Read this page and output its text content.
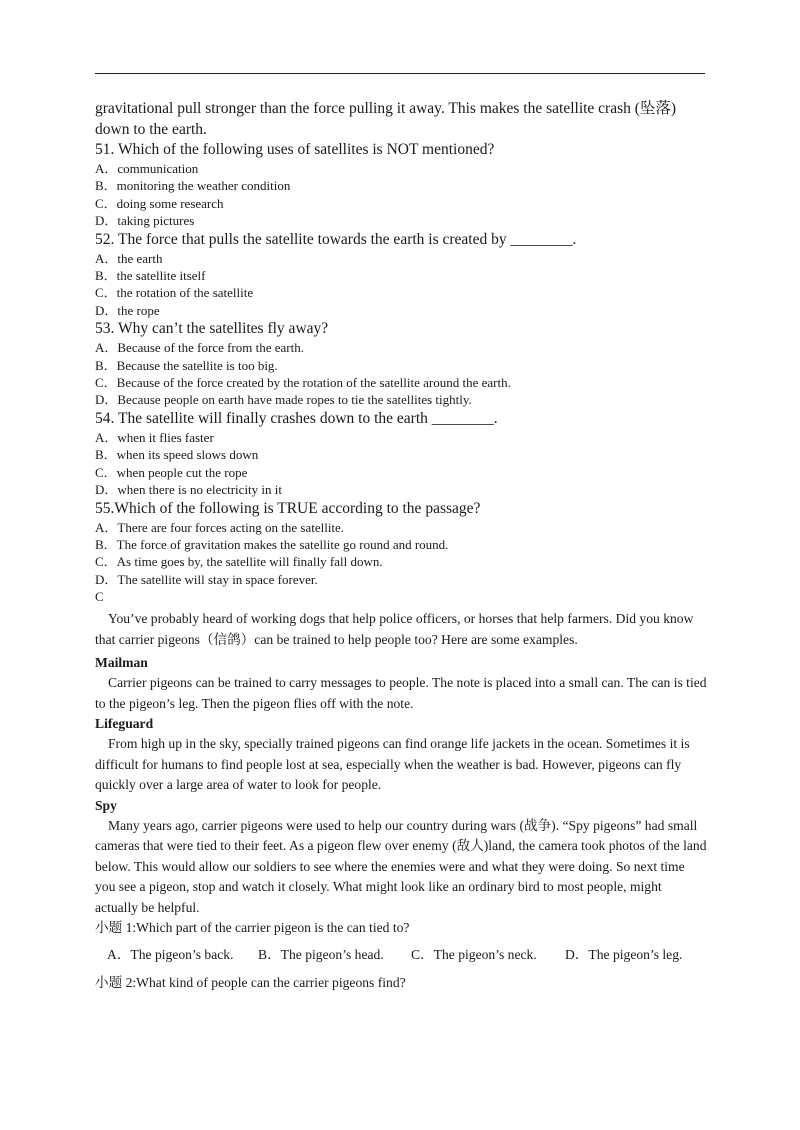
gravitational pull stronger than the force pulling it away. This makes the satellite crash (坠落) down to the earth.

51. Which of the following uses of satellites is NOT mentioned?

A．communication

B．monitoring the weather condition

C．doing some research

D．taking pictures

52. The force that pulls the satellite towards the earth is created by ________.

A．the earth

B．the satellite itself

C．the rotation of the satellite

D．the rope

53. Why can’t the satellites fly away?

A．Because of the force from the earth.

B．Because the satellite is too big.

C．Because of the force created by the rotation of the satellite around the earth.

D．Because people on earth have made ropes to tie the satellites tightly.

54. The satellite will finally crashes down to the earth ________.

A．when it flies faster

B．when its speed slows down

C．when people cut the rope

D．when there is no electricity in it

55.Which of the following is TRUE according to the passage?

A．There are four forces acting on the satellite.

B．The force of gravitation makes the satellite go round and round.

C．As time goes by, the satellite will finally fall down.

D．The satellite will stay in space forever.

C

You’ve probably heard of working dogs that help police officers, or horses that help farmers. Did you know that carrier pigeons（信鸽）can be trained to help people too? Here are some examples.

Mailman

Carrier pigeons can be trained to carry messages to people. The note is placed into a small can. The can is tied to the pigeon’s leg. Then the pigeon flies off with the note.

Lifeguard

From high up in the sky, specially trained pigeons can find orange life jackets in the ocean. Sometimes it is difficult for humans to find people lost at sea, especially when the weather is bad. However, pigeons can fly quickly over a large area of water to look for people.

Spy

Many years ago, carrier pigeons were used to help our country during wars (战争). “Spy pigeons” had small cameras that were tied to their feet. As a pigeon flew over enemy (敌人)land, the camera took photos of the land below. This would allow our soldiers to see where the enemies were and what they were doing. So next time you see a pigeon, stop and watch it closely. What might look like an ordinary bird to most people, might actually be helpful.

小题 1:Which part of the carrier pigeon is the can tied to?

A．The pigeon’s back.	B．The pigeon’s head.	C．The pigeon’s neck.	D．The pigeon’s leg.

小题 2:What kind of people can the carrier pigeons find?
